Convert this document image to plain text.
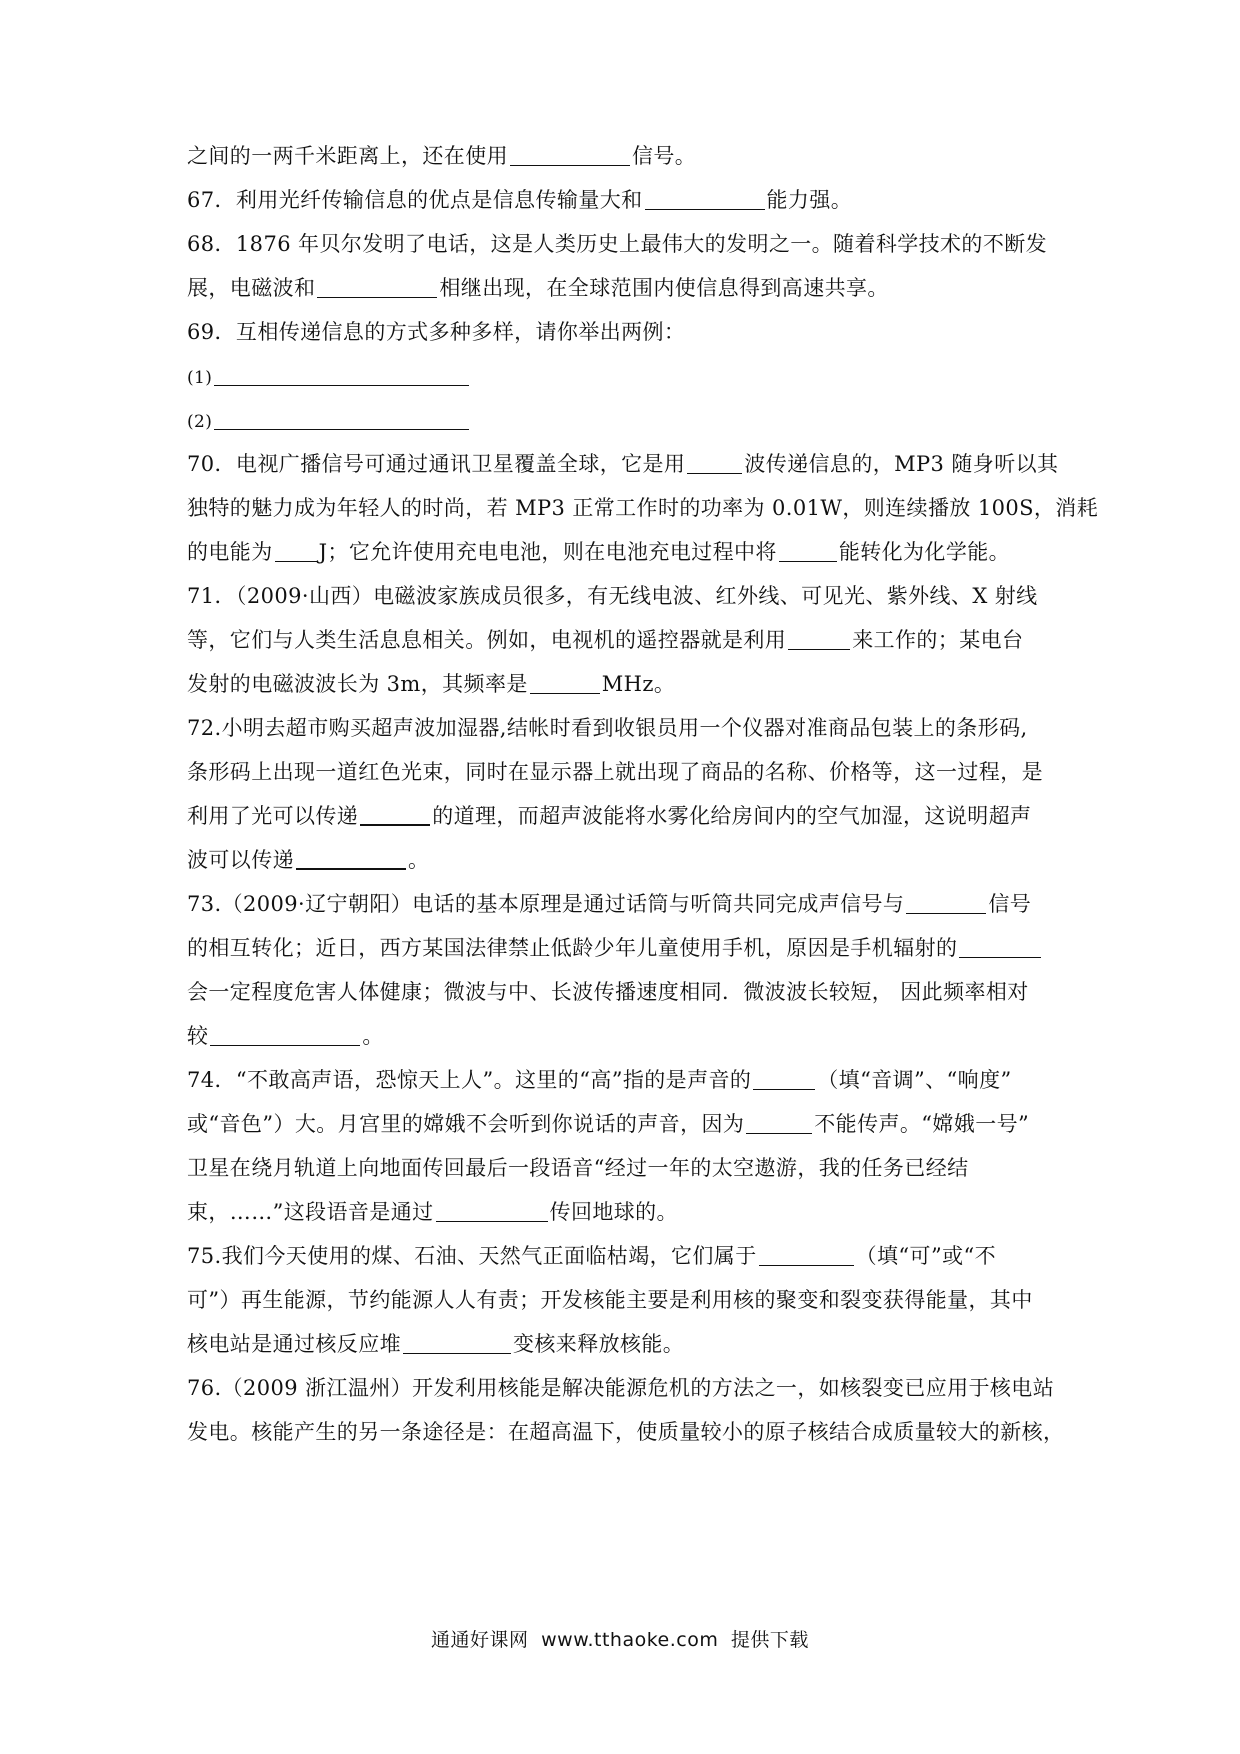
之间的一两千米距离上，还在使用	信号。
67．利用光纤传输信息的优点是信息传输量大和	能力强。
68．1876 年贝尔发明了电话，这是人类历史上最伟大的发明之一。随着科学技术的不断发
展，电磁波和	相继出现，在全球范围内使信息得到高速共享。
69．互相传递信息的方式多种多样，请你举出两例：
(1)
(2)
70．电视广播信号可通过通讯卫星覆盖全球，它是用	波传递信息的，MP3 随身听以其
独特的魅力成为年轻人的时尚，若 MP3 正常工作时的功率为 0.01W，则连续播放 100S，消耗
的电能为 J；它允许使用充电电池，则在电池充电过程中将	能转化为化学能。
71．（2009·山西）电磁波家族成员很多，有无线电波、红外线、可见光、紫外线、X 射线
等，它们与人类生活息息相关。例如，电视机的遥控器就是利用	来工作的；某电台
发射的电磁波波长为 3m，其频率是	MHz。
72.小明去超市购买超声波加湿器,结帐时看到收银员用一个仪器对准商品包装上的条形码,
条形码上出现一道红色光束，同时在显示器上就出现了商品的名称、价格等，这一过程，是
利用了光可以传递	的道理，而超声波能将水雾化给房间内的空气加湿，这说明超声
波可以传递	。
73.（2009·辽宁朝阳）电话的基本原理是通过话筒与听筒共同完成声信号与	信号
的相互转化；近日，西方某国法律禁止低龄少年儿童使用手机，原因是手机辐射的
会一定程度危害人体健康；微波与中、长波传播速度相同．微波波长较短， 因此频率相对
较	。
74．“不敢高声语，恐惊天上人”。这里的“高”指的是声音的	（填“音调”、“响度”
或“音色”）大。月宫里的嫦娥不会听到你说话的声音，因为	不能传声。“嫦娥一号”
卫星在绕月轨道上向地面传回最后一段语音“经过一年的太空遨游，我的任务已经结
束，……”这段语音是通过	传回地球的。
75.我们今天使用的煤、石油、天然气正面临枯竭，它们属于	（填“可”或“不
可”）再生能源，节约能源人人有责；开发核能主要是利用核的聚变和裂变获得能量，其中
核电站是通过核反应堆	变核来释放核能。
76.（2009 浙江温州）开发利用核能是解决能源危机的方法之一，如核裂变已应用于核电站
发电。核能产生的另一条途径是：在超高温下，使质量较小的原子核结合成质量较大的新核，
通通好课网 www.tthaoke.com 提供下载
